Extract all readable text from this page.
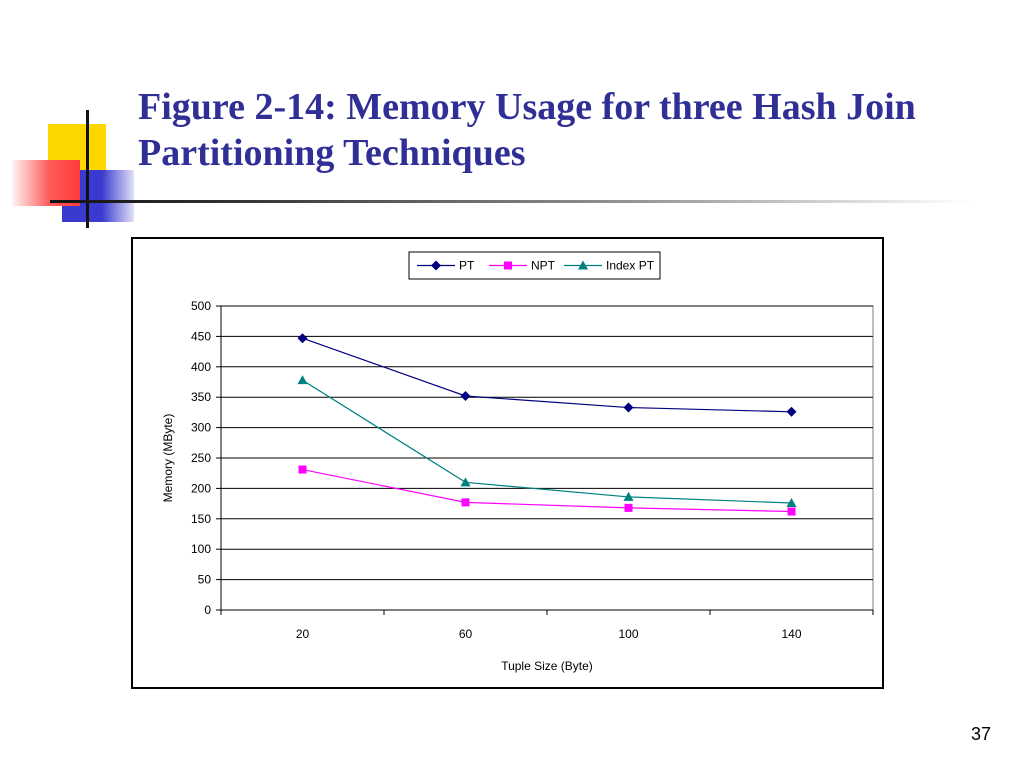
Figure 2-14: Memory Usage for three Hash Join Partitioning Techniques
0
50
100
150
200
250
300
350
400
450
500
20	60	100	140
Tuple Size (Byte)
Memory (MByte)
PT	NPT	Index PT
37
